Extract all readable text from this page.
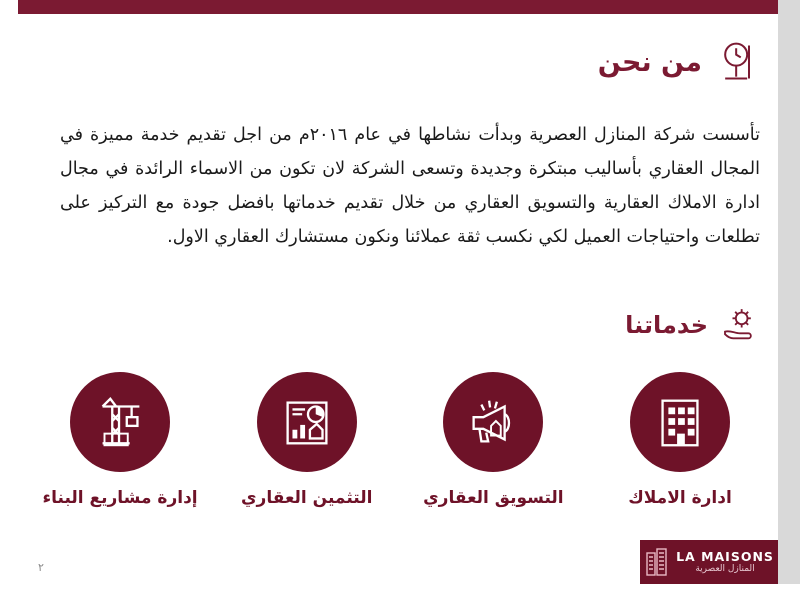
من نحن
تأسست شركة المنازل العصرية وبدأت نشاطها في عام ٢٠١٦م من اجل تقديم خدمة مميزة في المجال العقاري بأساليب مبتكرة وجديدة وتسعى الشركة لان تكون من الاسماء الرائدة في مجال ادارة الاملاك العقارية والتسويق العقاري من خلال تقديم خدماتها بافضل جودة مع التركيز على تطلعات واحتياجات العميل لكي نكسب ثقة عملائنا ونكون مستشارك العقاري الاول.
خدماتنا
ادارة الاملاك
التسويق العقاري
التثمين العقاري
إدارة مشاريع البناء
LA MAISONS
المنازل العصرية
٢
